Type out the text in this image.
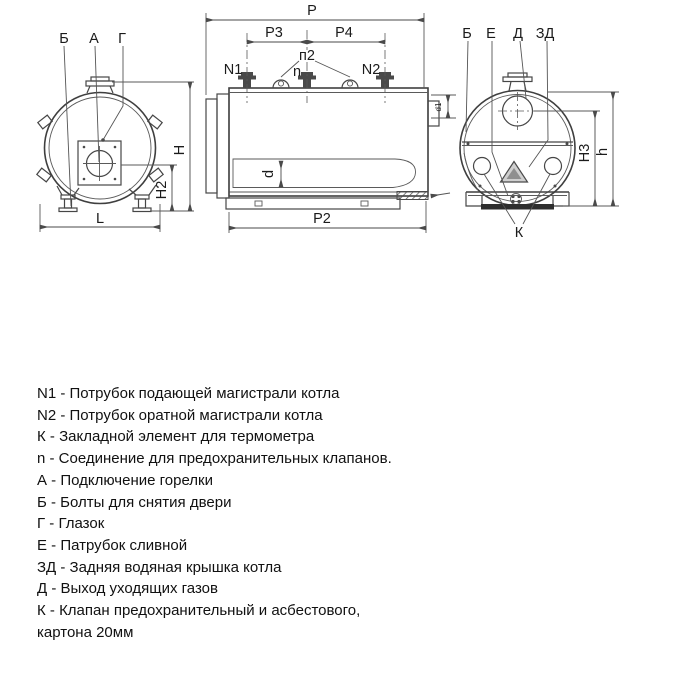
Б А Г
H
H2
L
N1	N2
n
п2
P
P3	P4
d
P2
Б Е Д ЗД
К
H3 h
d1
N1 - Потрубок подающей магистрали котла
N2 - Потрубок оратной магистрали котла
К - Закладной элемент для термометра
n - Соединение для предохранительных клапанов.
А - Подключение горелки
Б - Болты для снятия двери
Г - Глазок
Е - Патрубок сливной
ЗД - Задняя водяная крышка котла
Д - Выход уходящих газов
К - Клапан предохранительный и асбестового,
картона 20мм
